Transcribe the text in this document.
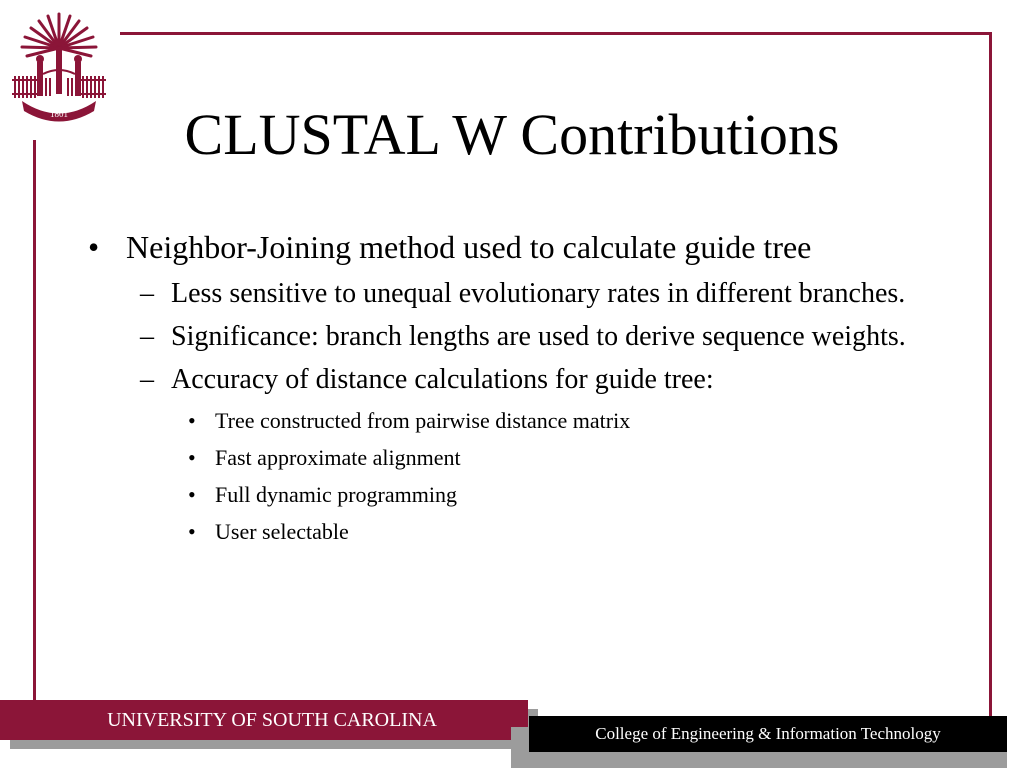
1801	CLUSTAL W Contributions
• Neighbor-Joining method used to calculate guide tree
– Less sensitive to unequal evolutionary rates in different branches.
– Significance: branch lengths are used to derive sequence weights.
– Accuracy of distance calculations for guide tree:
• Tree constructed from pairwise distance matrix
• Fast approximate alignment
• Full dynamic programming
• User selectable
UNIVERSITY OF SOUTH CAROLINA
College of Engineering & Information Technology
